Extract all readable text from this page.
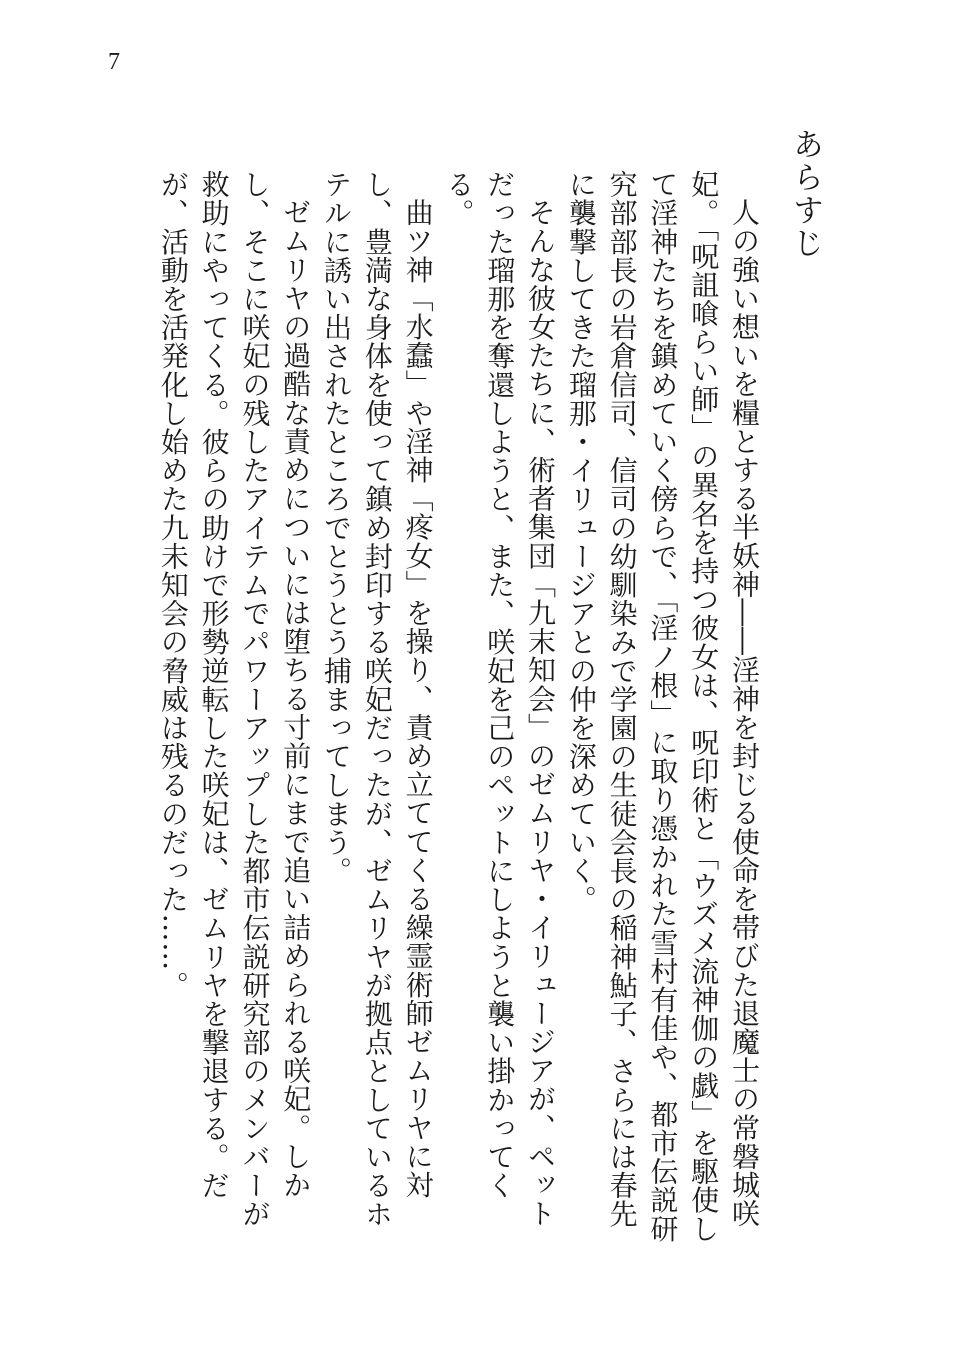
7
あらすじ

人の強い想いを糧とする半妖神――淫神を封じる使命を帯びた退魔士の常磐城咲妃。「呪詛喰らい師」の異名を持つ彼女は、呪印術と「ウズメ流神伽の戯」を駆使して淫神たちを鎮めていく傍らで、「淫ノ根」に取り憑かれた雪村有佳や、都市伝説研究部部長の岩倉信司、信司の幼馴染みで学園の生徒会長の稲神鮎子、さらには春先に襲撃してきた瑠那・イリュージアとの仲を深めていく。

そんな彼女たちに、術者集団「九末知会」のゼムリヤ・イリュージアが、ペットだった瑠那を奪還しようと、また、咲妃を己のペットにしようと襲い掛かってくる。

曲ツ神「水蠢」や淫神「疼女」を操り、責め立ててくる繰霊術師ゼムリヤに対し、豊満な身体を使って鎮め封印する咲妃だったが、ゼムリヤが拠点としているホテルに誘い出されたところでとうとう捕まってしまう。

ゼムリヤの過酷な責めについには堕ちる寸前にまで追い詰められる咲妃。しかし、そこに咲妃の残したアイテムでパワーアップした都市伝説研究部のメンバーが救助にやってくる。彼らの助けで形勢逆転した咲妃は、ゼムリヤを撃退する。だが、活動を活発化し始めた九未知会の脅威は残るのだった……。
